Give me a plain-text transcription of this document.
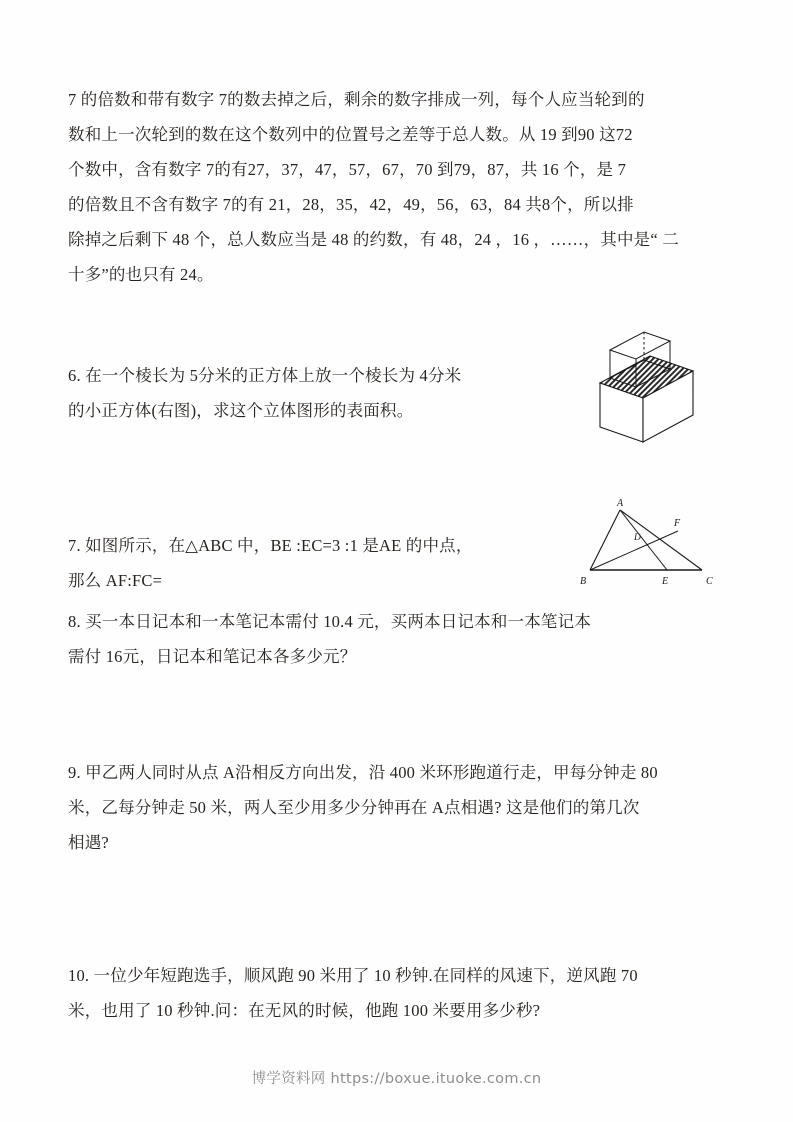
7 的倍数和带有数字 7的数去掉之后，剩余的数字排成一列，每个人应当轮到的
数和上一次轮到的数在这个数列中的位置号之差等于总人数。从 19 到90 这72
个数中，含有数字 7的有27，37，47，57，67，70 到79，87，共 16 个，是 7
的倍数且不含有数字 7的有 21，28，35，42，49，56，63，84 共8个，所以排
除掉之后剩下 48 个，总人数应当是 48 的约数，有 48，24 ，16 ，……，其中是“ 二
十多”的也只有 24。
6. 在一个棱长为 5分米的正方体上放一个棱长为 4分米
的小正方体(右图)，求这个立体图形的表面积。
7. 如图所示，在△ABC 中，BE :EC=3 :1 是AE 的中点，
那么 AF:FC=
A
B	C
D
E
F
8. 买一本日记本和一本笔记本需付 10.4 元，买两本日记本和一本笔记本
需付 16元，日记本和笔记本各多少元？
9. 甲乙两人同时从点 A沿相反方向出发，沿 400 米环形跑道行走，甲每分钟走 80
米，乙每分钟走 50 米，两人至少用多少分钟再在 A点相遇? 这是他们的第几次
相遇?
10. 一位少年短跑选手，顺风跑 90 米用了 10 秒钟.在同样的风速下，逆风跑 70
米，也用了 10 秒钟.问：在无风的时候，他跑 100 米要用多少秒?
博学资料网 https://boxue.ituoke.com.cn
